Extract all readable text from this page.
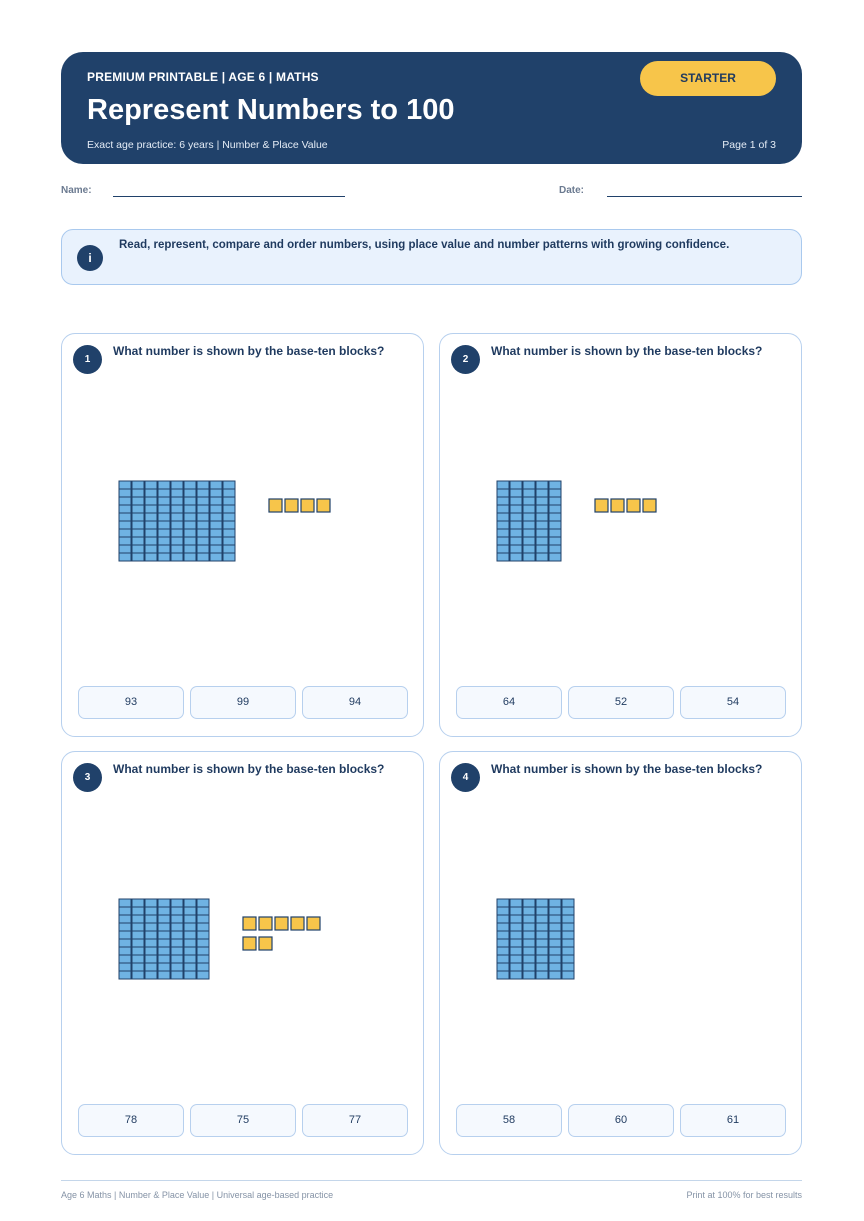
PREMIUM PRINTABLE | AGE 6 | MATHS
Represent Numbers to 100
Exact age practice: 6 years | Number & Place Value	Page 1 of 3
STARTER
Name:	Date:
i
Read, represent, compare and order numbers, using place value and number patterns with growing confidence.
1
What number is shown by the base-ten blocks?
93	99	94
2
What number is shown by the base-ten blocks?
64	52	54
3
What number is shown by the base-ten blocks?
78	75	77
4
What number is shown by the base-ten blocks?
58	60	61
Age 6 Maths | Number & Place Value | Universal age-based practice	Print at 100% for best results
